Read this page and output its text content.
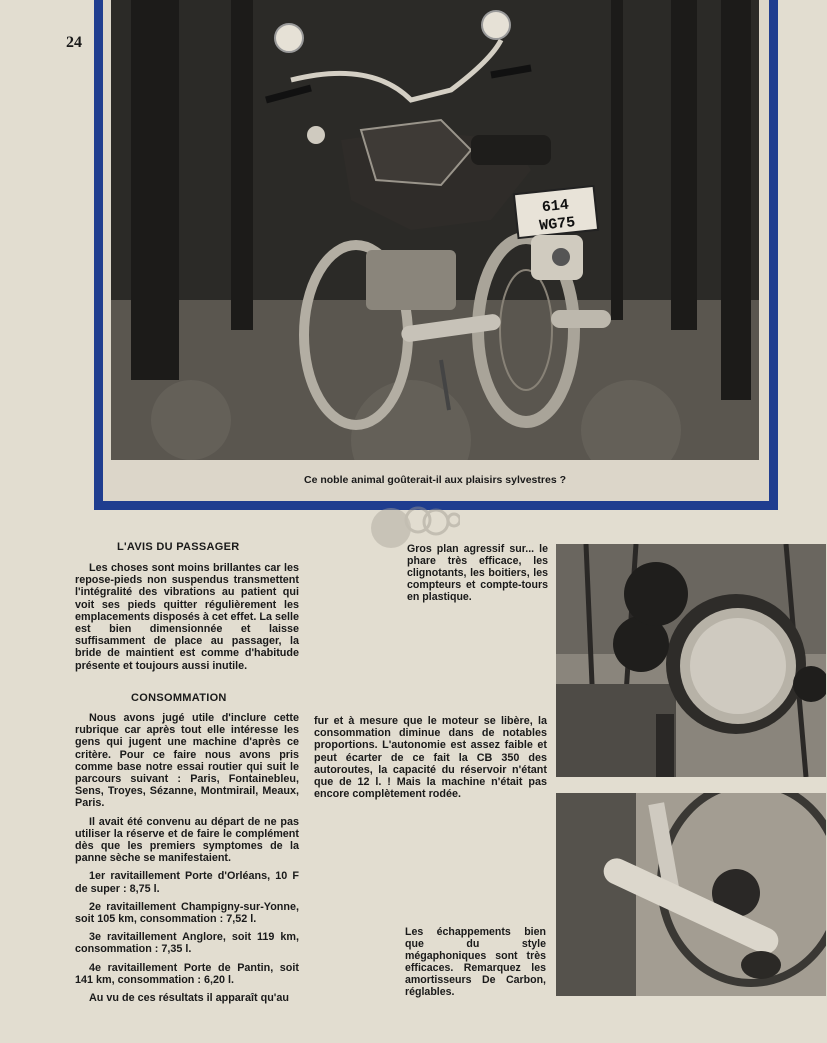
24
614
WG75
Ce noble animal goûterait-il aux plaisirs sylvestres ?
L'AVIS DU PASSAGER

Les choses sont moins brillantes car les repose-pieds non suspendus transmettent l'intégralité des vibrations au patient qui voit ses pieds quitter régulièrement les emplacements disposés à cet effet. La selle est bien dimensionnée et laisse suffisamment de place au passager, la bride de maintient est comme d'habitude présente et toujours aussi inutile.

CONSOMMATION

Nous avons jugé utile d'inclure cette rubrique car après tout elle intéresse les gens qui jugent une machine d'après ce critère. Pour ce faire nous avons pris comme base notre essai routier qui suit le parcours suivant : Paris, Fontainebleu, Sens, Troyes, Sézanne, Montmirail, Meaux, Paris.

Il avait été convenu au départ de ne pas utiliser la réserve et de faire le complément dès que les premiers symptomes de la panne sèche se manifestaient.

1er ravitaillement Porte d'Orléans, 10 F de super : 8,75 l.

2e ravitaillement Champigny-sur-Yonne, soit 105 km, consommation : 7,52 l.

3e ravitaillement Anglore, soit 119 km, consommation : 7,35 l.

4e ravitaillement Porte de Pantin, soit 141 km, consommation : 6,20 l.

Au vu de ces résultats il apparaît qu'au

fur et à mesure que le moteur se libère, la consommation diminue dans de notables proportions. L'autonomie est assez faible et peut écarter de ce fait la CB 350 des autoroutes, la capacité du réservoir n'étant que de 12 l. ! Mais la machine n'était pas encore complètement rodée.

Gros plan agressif sur... le phare très efficace, les clignotants, les boitiers, les compteurs et compte-tours en plastique.
Les échappements bien que du style mégaphoniques sont très efficaces. Remarquez les amortisseurs De Carbon, réglables.
